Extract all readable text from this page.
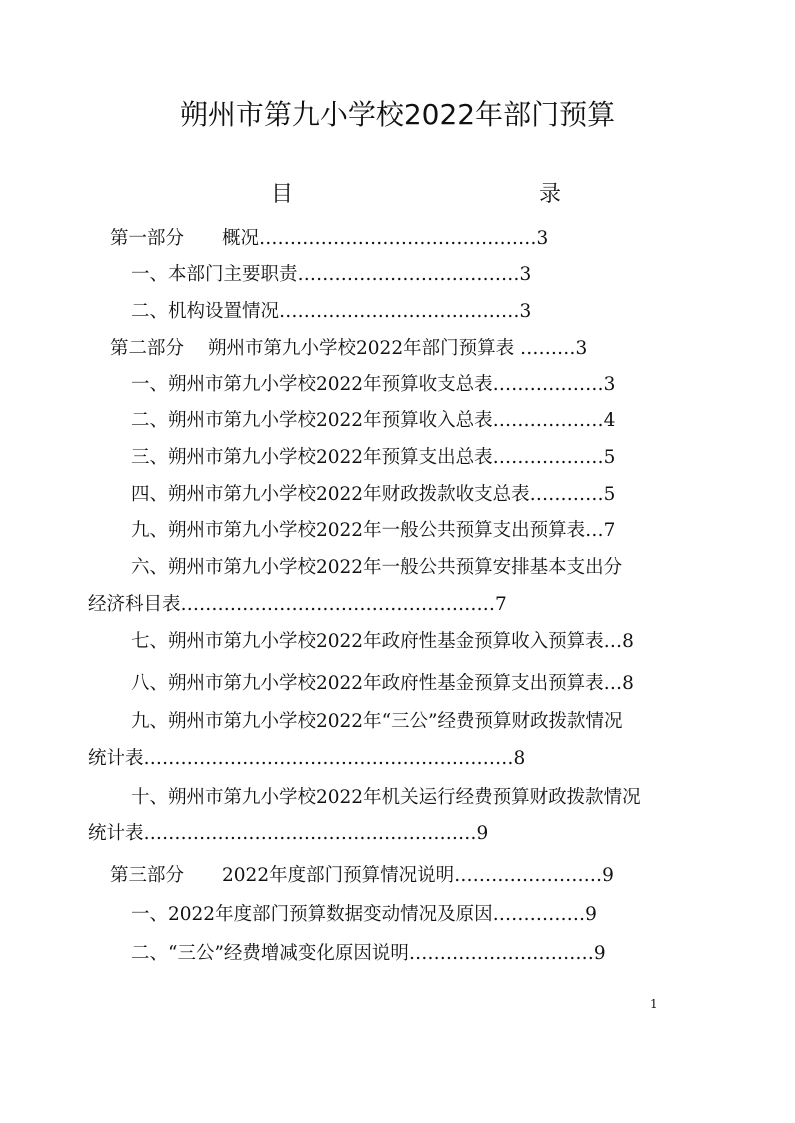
朔州市第九小学校2022年部门预算
目	录
第一部分 概况………………………………………3
一、本部门主要职责………………………………3
二、机构设置情况…………………………………3
第二部分 朔州市第九小学校2022年部门预算表 ………3
一、朔州市第九小学校2022年预算收支总表………………3
二、朔州市第九小学校2022年预算收入总表………………4
三、朔州市第九小学校2022年预算支出总表………………5
四、朔州市第九小学校2022年财政拨款收支总表…………5
九、朔州市第九小学校2022年一般公共预算支出预算表…7
六、朔州市第九小学校2022年一般公共预算安排基本支出分
经济科目表……………………………………………7
七、朔州市第九小学校2022年政府性基金预算收入预算表…8
八、朔州市第九小学校2022年政府性基金预算支出预算表…8
九、朔州市第九小学校2022年“三公”经费预算财政拨款情况
统计表……………………………………………………8
十、朔州市第九小学校2022年机关运行经费预算财政拨款情况
统计表………………………………………………9
第三部分 2022年度部门预算情况说明……………………9
一、2022年度部门预算数据变动情况及原因……………9
二、“三公”经费增减变化原因说明…………………………9
1
